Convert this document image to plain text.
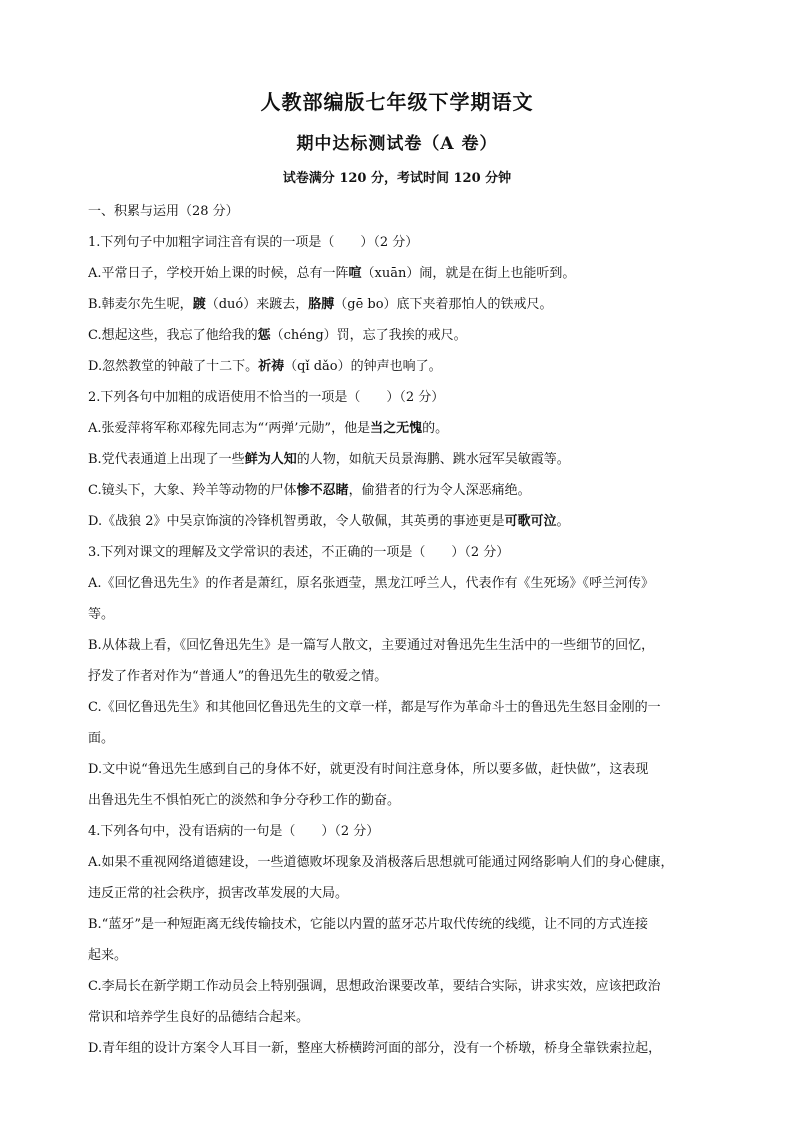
人教部编版七年级下学期语文
期中达标测试卷（A 卷）
试卷满分 120 分，考试时间 120 分钟
一、积累与运用（28 分）
1.下列句子中加粗字词注音有误的一项是（　　）（2 分）
A.平常日子，学校开始上课的时候，总有一阵喧（xuān）闹，就是在街上也能听到。
B.韩麦尔先生呢，踱（duó）来踱去，胳膊（gē bo）底下夹着那怕人的铁戒尺。
C.想起这些，我忘了他给我的惩（chéng）罚，忘了我挨的戒尺。
D.忽然教堂的钟敲了十二下。祈祷（qǐ dǎo）的钟声也响了。
2.下列各句中加粗的成语使用不恰当的一项是（　　）（2 分）
A.张爱萍将军称邓稼先同志为“‘两弹’元勋”，他是当之无愧的。
B.党代表通道上出现了一些鲜为人知的人物，如航天员景海鹏、跳水冠军吴敏霞等。
C.镜头下，大象、羚羊等动物的尸体惨不忍睹，偷猎者的行为令人深恶痛绝。
D.《战狼 2》中吴京饰演的冷锋机智勇敢，令人敬佩，其英勇的事迹更是可歌可泣。
3.下列对课文的理解及文学常识的表述，不正确的一项是（　　）（2 分）
A.《回忆鲁迅先生》的作者是萧红，原名张迺莹，黑龙江呼兰人，代表作有《生死场》《呼兰河传》
等。
B.从体裁上看，《回忆鲁迅先生》是一篇写人散文，主要通过对鲁迅先生生活中的一些细节的回忆，
抒发了作者对作为“普通人”的鲁迅先生的敬爱之情。
C.《回忆鲁迅先生》和其他回忆鲁迅先生的文章一样，都是写作为革命斗士的鲁迅先生怒目金刚的一
面。
D.文中说“鲁迅先生感到自己的身体不好，就更没有时间注意身体，所以要多做，赶快做”，这表现
出鲁迅先生不惧怕死亡的淡然和争分夺秒工作的勤奋。
4.下列各句中，没有语病的一句是（　　）（2 分）
A.如果不重视网络道德建设，一些道德败坏现象及消极落后思想就可能通过网络影响人们的身心健康，
违反正常的社会秩序，损害改革发展的大局。
B.“蓝牙”是一种短距离无线传输技术，它能以内置的蓝牙芯片取代传统的线缆，让不同的方式连接
起来。
C.李局长在新学期工作动员会上特别强调，思想政治课要改革，要结合实际，讲求实效，应该把政治
常识和培养学生良好的品德结合起来。
D.青年组的设计方案令人耳目一新，整座大桥横跨河面的部分，没有一个桥墩，桥身全靠铁索拉起，
